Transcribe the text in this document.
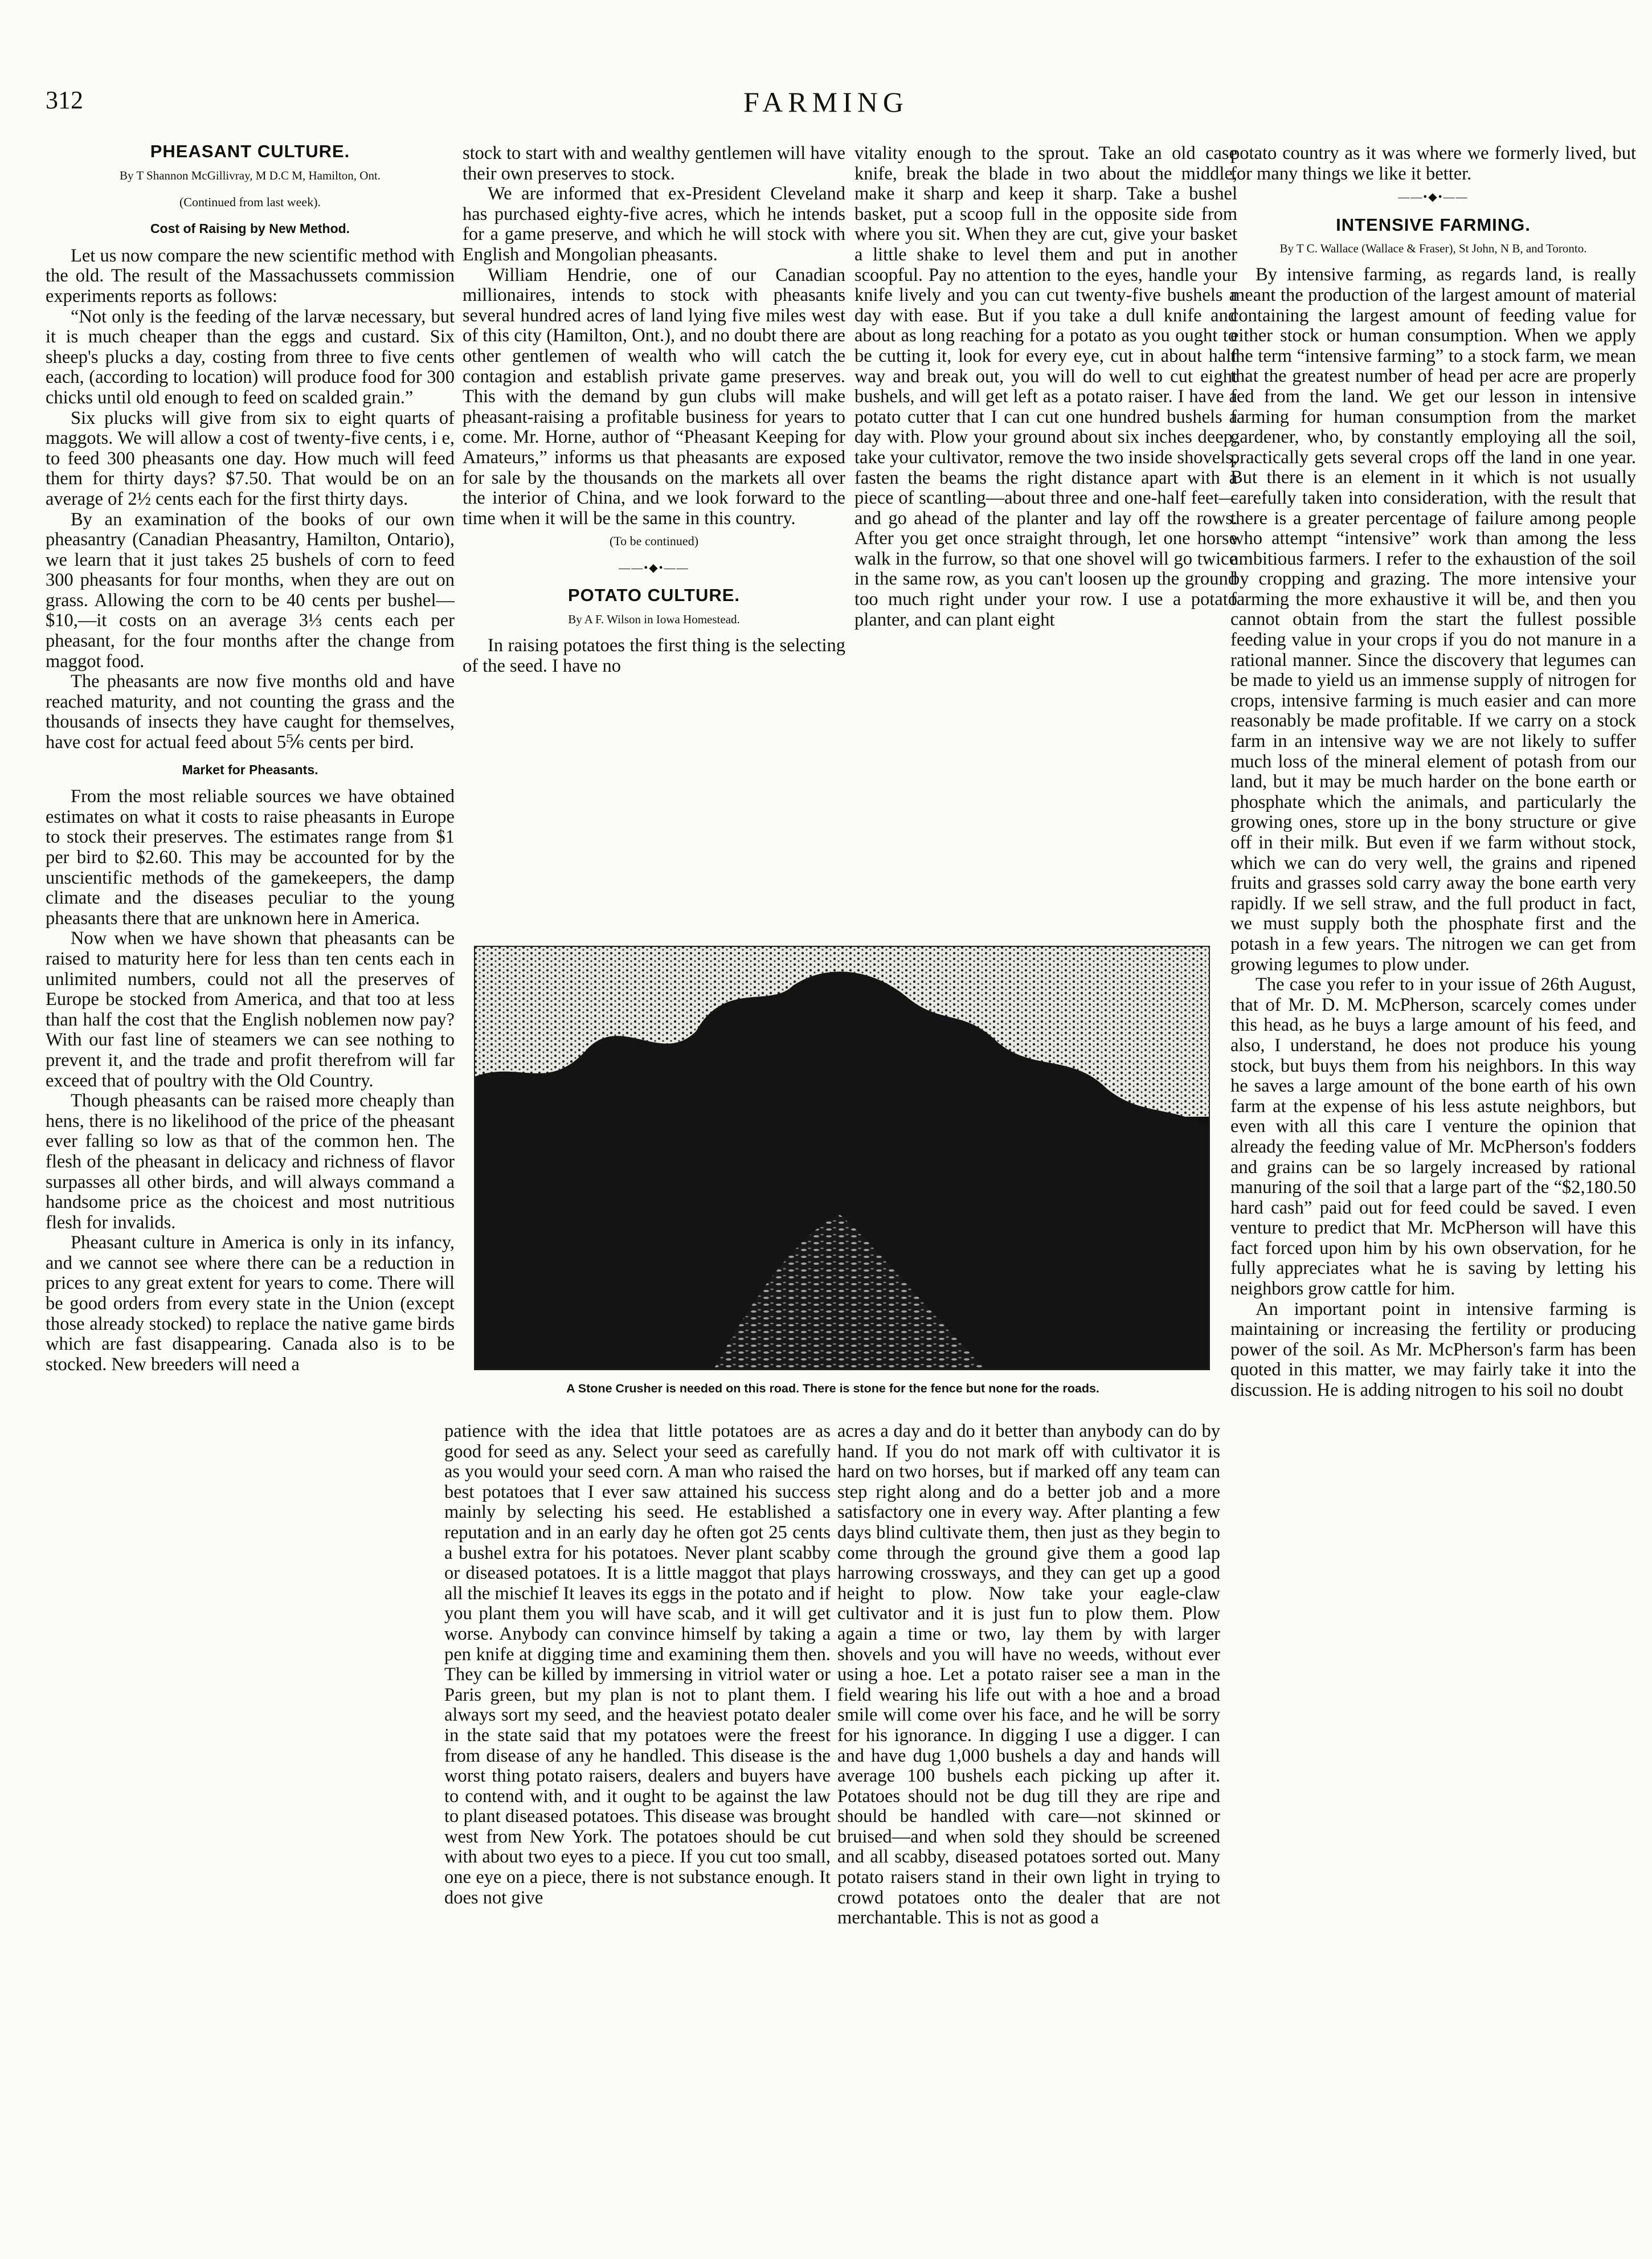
312	FARMING
PHEASANT CULTURE.
By T Shannon McGillivray, M D.C M, Hamilton, Ont.
(Continued from last week).
Cost of Raising by New Method.

Let us now compare the new scientific method with the old. The result of the Massachussets commission experiments reports as follows:

“Not only is the feeding of the larvæ necessary, but it is much cheaper than the eggs and custard. Six sheep's plucks a day, costing from three to five cents each, (according to location) will produce food for 300 chicks until old enough to feed on scalded grain.”

Six plucks will give from six to eight quarts of maggots. We will allow a cost of twenty-five cents, i e, to feed 300 pheasants one day. How much will feed them for thirty days? $7.50. That would be on an average of 2½ cents each for the first thirty days.

By an examination of the books of our own pheasantry (Canadian Pheasantry, Hamilton, Ontario), we learn that it just takes 25 bushels of corn to feed 300 pheasants for four months, when they are out on grass. Allowing the corn to be 40 cents per bushel—$10,—it costs on an average 3⅓ cents each per pheasant, for the four months after the change from maggot food.

The pheasants are now five months old and have reached maturity, and not counting the grass and the thousands of insects they have caught for themselves, have cost for actual feed about 5⅚ cents per bird.

Market for Pheasants.

From the most reliable sources we have obtained estimates on what it costs to raise pheasants in Europe to stock their preserves. The estimates range from $1 per bird to $2.60. This may be accounted for by the unscientific methods of the gamekeepers, the damp climate and the diseases peculiar to the young pheasants there that are unknown here in America.

Now when we have shown that pheasants can be raised to maturity here for less than ten cents each in unlimited numbers, could not all the preserves of Europe be stocked from America, and that too at less than half the cost that the English noblemen now pay? With our fast line of steamers we can see nothing to prevent it, and the trade and profit therefrom will far exceed that of poultry with the Old Country.

Though pheasants can be raised more cheaply than hens, there is no likelihood of the price of the pheasant ever falling so low as that of the common hen. The flesh of the pheasant in delicacy and richness of flavor surpasses all other birds, and will always command a handsome price as the choicest and most nutritious flesh for invalids.

Pheasant culture in America is only in its infancy, and we cannot see where there can be a reduction in prices to any great extent for years to come. There will be good orders from every state in the Union (except those already stocked) to replace the native game birds which are fast disappearing. Canada also is to be stocked. New breeders will need a

stock to start with and wealthy gentlemen will have their own preserves to stock.

We are informed that ex-President Cleveland has purchased eighty-five acres, which he intends for a game preserve, and which he will stock with English and Mongolian pheasants.

William Hendrie, one of our Canadian millionaires, intends to stock with pheasants several hundred acres of land lying five miles west of this city (Hamilton, Ont.), and no doubt there are other gentlemen of wealth who will catch the contagion and establish private game preserves. This with the demand by gun clubs will make pheasant-raising a profitable business for years to come. Mr. Horne, author of “Pheasant Keeping for Amateurs,” informs us that pheasants are exposed for sale by the thousands on the markets all over the interior of China, and we look forward to the time when it will be the same in this country.

(To be continued)
——•◆•——
POTATO CULTURE.
By A F. Wilson in Iowa Homestead.

In raising potatoes the first thing is the selecting of the seed. I have no

vitality enough to the sprout. Take an old case knife, break the blade in two about the middle, make it sharp and keep it sharp. Take a bushel basket, put a scoop full in the opposite side from where you sit. When they are cut, give your basket a little shake to level them and put in another scoopful. Pay no attention to the eyes, handle your knife lively and you can cut twenty-five bushels a day with ease. But if you take a dull knife and about as long reaching for a potato as you ought to be cutting it, look for every eye, cut in about half way and break out, you will do well to cut eight bushels, and will get left as a potato raiser. I have a potato cutter that I can cut one hundred bushels a day with. Plow your ground about six inches deep, take your cultivator, remove the two inside shovels, fasten the beams the right distance apart with a piece of scantling—about three and one-half feet—and go ahead of the planter and lay off the rows. After you get once straight through, let one horse walk in the furrow, so that one shovel will go twice in the same row, as you can't loosen up the ground too much right under your row. I use a potato planter, and can plant eight

A Stone Crusher is needed on this road. There is stone for the fence but none for the roads.

patience with the idea that little potatoes are as good for seed as any. Select your seed as carefully as you would your seed corn. A man who raised the best potatoes that I ever saw attained his success mainly by selecting his seed. He established a reputation and in an early day he often got 25 cents a bushel extra for his potatoes. Never plant scabby or diseased potatoes. It is a little maggot that plays all the mischief It leaves its eggs in the potato and if you plant them you will have scab, and it will get worse. Anybody can convince himself by taking a pen knife at digging time and examining them then. They can be killed by immersing in vitriol water or Paris green, but my plan is not to plant them. I always sort my seed, and the heaviest potato dealer in the state said that my potatoes were the freest from disease of any he handled. This disease is the worst thing potato raisers, dealers and buyers have to contend with, and it ought to be against the law to plant diseased potatoes. This disease was brought west from New York. The potatoes should be cut with about two eyes to a piece. If you cut too small, one eye on a piece, there is not substance enough. It does not give

acres a day and do it better than anybody can do by hand. If you do not mark off with cultivator it is hard on two horses, but if marked off any team can step right along and do a better job and a more satisfactory one in every way. After planting a few days blind cultivate them, then just as they begin to come through the ground give them a good lap harrowing crossways, and they can get up a good height to plow. Now take your eagle-claw cultivator and it is just fun to plow them. Plow again a time or two, lay them by with larger shovels and you will have no weeds, without ever using a hoe. Let a potato raiser see a man in the field wearing his life out with a hoe and a broad smile will come over his face, and he will be sorry for his ignorance. In digging I use a digger. I can and have dug 1,000 bushels a day and hands will average 100 bushels each picking up after it. Potatoes should not be dug till they are ripe and should be handled with care—not skinned or bruised—and when sold they should be screened and all scabby, diseased potatoes sorted out. Many potato raisers stand in their own light in trying to crowd potatoes onto the dealer that are not merchantable. This is not as good a

potato country as it was where we formerly lived, but for many things we like it better.

——•◆•——
INTENSIVE FARMING.
By T C. Wallace (Wallace & Fraser), St John, N B, and Toronto.

By intensive farming, as regards land, is really meant the production of the largest amount of material containing the largest amount of feeding value for either stock or human consumption. When we apply the term “intensive farming” to a stock farm, we mean that the greatest number of head per acre are properly fed from the land. We get our lesson in intensive farming for human consumption from the market gardener, who, by constantly employing all the soil, practically gets several crops off the land in one year. But there is an element in it which is not usually carefully taken into consideration, with the result that there is a greater percentage of failure among people who attempt “intensive” work than among the less ambitious farmers. I refer to the exhaustion of the soil by cropping and grazing. The more intensive your farming the more exhaustive it will be, and then you cannot obtain from the start the fullest possible feeding value in your crops if you do not manure in a rational manner. Since the discovery that legumes can be made to yield us an immense supply of nitrogen for crops, intensive farming is much easier and can more reasonably be made profitable. If we carry on a stock farm in an intensive way we are not likely to suffer much loss of the mineral element of potash from our land, but it may be much harder on the bone earth or phosphate which the animals, and particularly the growing ones, store up in the bony structure or give off in their milk. But even if we farm without stock, which we can do very well, the grains and ripened fruits and grasses sold carry away the bone earth very rapidly. If we sell straw, and the full product in fact, we must supply both the phosphate first and the potash in a few years. The nitrogen we can get from growing legumes to plow under.

The case you refer to in your issue of 26th August, that of Mr. D. M. McPherson, scarcely comes under this head, as he buys a large amount of his feed, and also, I understand, he does not produce his young stock, but buys them from his neighbors. In this way he saves a large amount of the bone earth of his own farm at the expense of his less astute neighbors, but even with all this care I venture the opinion that already the feeding value of Mr. McPherson's fodders and grains can be so largely increased by rational manuring of the soil that a large part of the “$2,180.50 hard cash” paid out for feed could be saved. I even venture to predict that Mr. McPherson will have this fact forced upon him by his own observation, for he fully appreciates what he is saving by letting his neighbors grow cattle for him.

An important point in intensive farming is maintaining or increasing the fertility or producing power of the soil. As Mr. McPherson's farm has been quoted in this matter, we may fairly take it into the discussion. He is adding nitrogen to his soil no doubt
